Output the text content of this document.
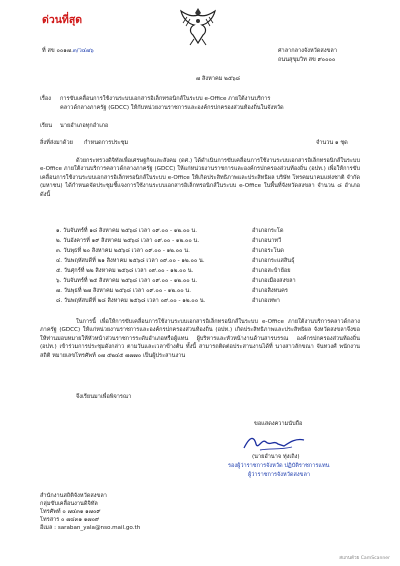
ด่วนที่สุด
ที่ สข ๐๐๑๗.๓/ว๔๗๖	ศาลากลางจังหวัดสงขลา
ถนนสุขุมวิท สข ๙๐๐๐๐
๗ สิงหาคม ๒๕๖๘
เรื่อง การขับเคลื่อนการใช้งานระบบเอกสารอิเล็กทรอนิกส์ในระบบ e-Office ภายใต้งานบริการ
คลาวด์กลางภาครัฐ (GDCC) ให้กับหน่วยงานราชการและองค์กรปกครองส่วนท้องถิ่นในจังหวัด
เรียน นายอำเภอทุกอำเภอ
สิ่งที่ส่งมาด้วย กำหนดการประชุม	จำนวน ๑ ชุด
ด้วยกระทรวงดิจิทัลเพื่อเศรษฐกิจและสังคม (ดศ.) ได้ดำเนินการขับเคลื่อนการใช้งานระบบเอกสารอิเล็กทรอนิกส์ในระบบ e-Office ภายใต้งานบริการคลาวด์กลางภาครัฐ (GDCC) ให้แก่หน่วยงานราชการและองค์กรปกครองส่วนท้องถิ่น (อปท.) เพื่อให้การขับเคลื่อนการใช้งานระบบเอกสารอิเล็กทรอนิกส์ในระบบ e-Office ให้เกิดประสิทธิภาพและประสิทธิผล บริษัท โทรคมนาคมแห่งชาติ จำกัด (มหาชน) ได้กำหนดจัดประชุมชี้แจงการใช้งานระบบเอกสารอิเล็กทรอนิกส์ในระบบ e-Office ในพื้นที่จังหวัดสงขลา จำนวน ๘ อำเภอ ดังนี้
๑. วันจันทร์ที่ ๑๘ สิงหาคม ๒๕๖๘ เวลา ๐๙.๐๐ - ๑๒.๐๐ น.	อำเภอกระโด
๒. วันอังคารที่ ๑๙ สิงหาคม ๒๕๖๘ เวลา ๐๙.๐๐ - ๑๒.๐๐ น.	อำเภอนาทวี
๓. วันพุธที่ ๒๐ สิงหาคม ๒๕๖๘ เวลา ๐๙.๐๐ - ๑๒.๐๐ น.	อำเภอระโนด
๔. วันพฤหัสบดีที่ ๒๑ สิงหาคม ๒๕๖๘ เวลา ๐๙.๐๐ - ๑๒.๐๐ น.	อำเภอกระแสสินธุ์
๕. วันศุกร์ที่ ๒๒ สิงหาคม ๒๕๖๘ เวลา ๐๙.๐๐ - ๑๒.๐๐ น.	อำเภอสะบ้าย้อย
๖. วันจันทร์ที่ ๒๕ สิงหาคม ๒๕๖๘ เวลา ๐๙.๐๐ - ๑๒.๐๐ น.	อำเภอเมืองสงขลา
๗. วันพุธที่ ๒๗ สิงหาคม ๒๕๖๘ เวลา ๐๙.๐๐ - ๑๒.๐๐ น.	อำเภอสิงหนคร
๘. วันพฤหัสบดีที่ ๒๘ สิงหาคม ๒๕๖๘ เวลา ๐๙.๐๐ - ๑๒.๐๐ น.	อำเภอเทพา
ในการนี้ เพื่อให้การขับเคลื่อนการใช้งานระบบเอกสารอิเล็กทรอนิกส์ในระบบ e-Office ภายใต้งานบริการคลาวด์กลางภาครัฐ (GDCC) ให้แก่หน่วยงานราชการและองค์กรปกครองส่วนท้องถิ่น (อปท.) เกิดประสิทธิภาพและประสิทธิผล จังหวัดสงขลาจึงขอให้ท่านมอบหมายให้หัวหน้าส่วนราชการระดับอำเภอหรือผู้แทน ผู้บริหารและหัวหน้างานด้านสารบรรณ องค์กรปกครองส่วนท้องถิ่น (อปท.) เข้าร่วมการประชุมดังกล่าว ตามวันและเวลาข้างต้น ทั้งนี้ สามารถติดต่อประสานงานได้ที่ นางสาวลักขณา จันทวงศ์ พนักงานสถิติ หมายเลขโทรศัพท์ ๐๗ ๕๒๔๕ ๗๗๗๐ เป็นผู้ประสานงาน
จึงเรียนมาเพื่อพิจารณา
ขอแสดงความนับถือ
(นายอำนาจ ทุ่งเถิง)
รองผู้ว่าราชการจังหวัด ปฏิบัติราชการแทน
ผู้ว่าราชการจังหวัดสงขลา
สำนักงานสถิติจังหวัดสงขลา
กลุ่มขับเคลื่อนงานดิจิทัล
โทรศัพท์ ๐ ๗๔๓๑ ๑๗๐๙
โทรสาร ๐ ๗๔๓๑ ๑๗๐๙
อีเมล : saraban_yala@nso.mail.go.th
สแกนด้วย CamScanner
